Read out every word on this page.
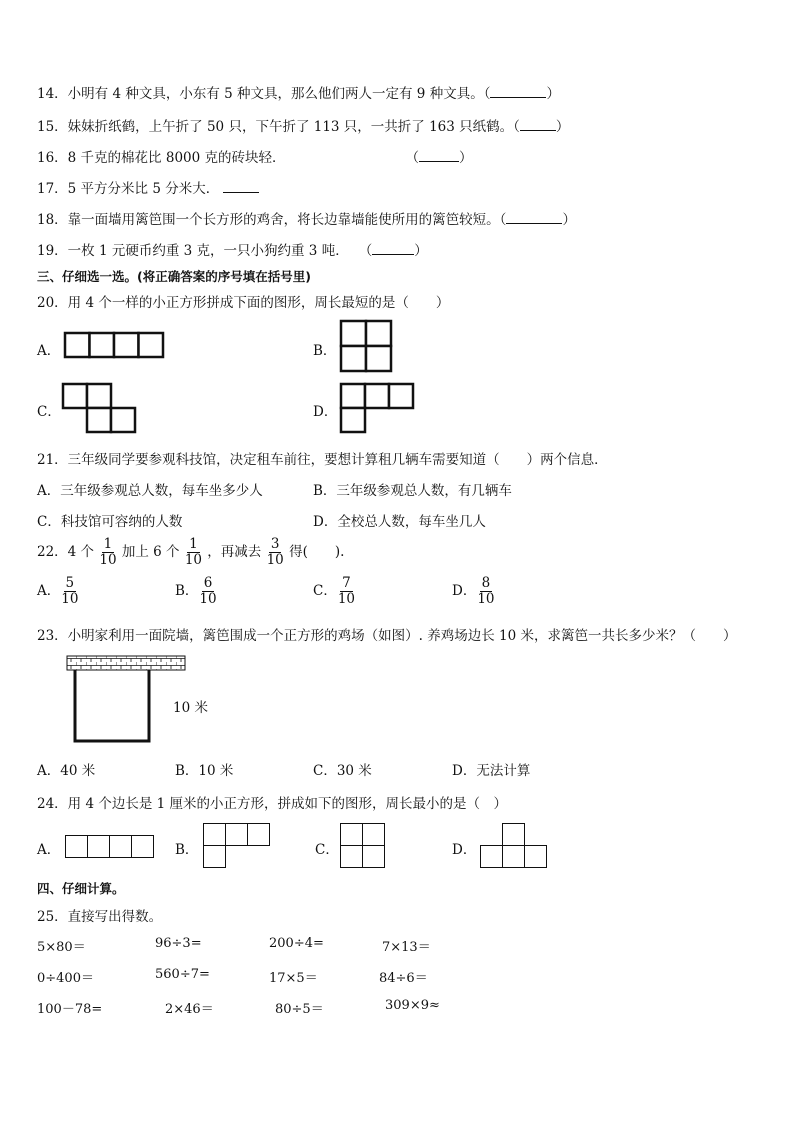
14．小明有 4 种文具，小东有 5 种文具，那么他们两人一定有 9 种文具。（	）
15．妹妹折纸鹤，上午折了 50 只，下午折了 113 只，一共折了 163 只纸鹤。（	）
16．8 千克的棉花比 8000 克的砖块轻．	（	）
17．5 平方分米比 5 分米大．
18．靠一面墙用篱笆围一个长方形的鸡舍，将长边靠墙能使所用的篱笆较短。（	）
19．一枚 1 元硬币约重 3 克，一只小狗约重 3 吨． （	）
三、仔细选一选。(将正确答案的序号填在括号里)
20．用 4 个一样的小正方形拼成下面的图形，周长最短的是（　　）
A．	B．
C．	D．
21．三年级同学要参观科技馆，决定租车前往，要想计算租几辆车需要知道（　　）两个信息．
A．三年级参观总人数，每车坐多少人	B．三年级参观总人数，有几辆车
C．科技馆可容纳的人数	D．全校总人数，每车坐几人
22．4 个 $\frac{1}{10}$ 加上 6 个 $\frac{1}{10}$ ，再减去 $\frac{3}{10}$ 得(　　).
A． $\frac{5}{10}$	B． $\frac{6}{10}$	C． $\frac{7}{10}$	D． $\frac{8}{10}$
23．小明家利用一面院墙，篱笆围成一个正方形的鸡场（如图）. 养鸡场边长 10 米，求篱笆一共长多少米？（　　）
10 米
A．40 米	B．10 米	C．30 米	D．无法计算
24．用 4 个边长是 1 厘米的小正方形，拼成如下的图形，周长最小的是（　）
A．	B．	C．	D．
四、仔细计算。
25．直接写出得数。
5×80＝	96÷3=	200÷4=	7×13＝
0÷400＝	560÷7=	17×5＝	84÷6＝
100－78=	2×46＝	80÷5＝	309×9≈
